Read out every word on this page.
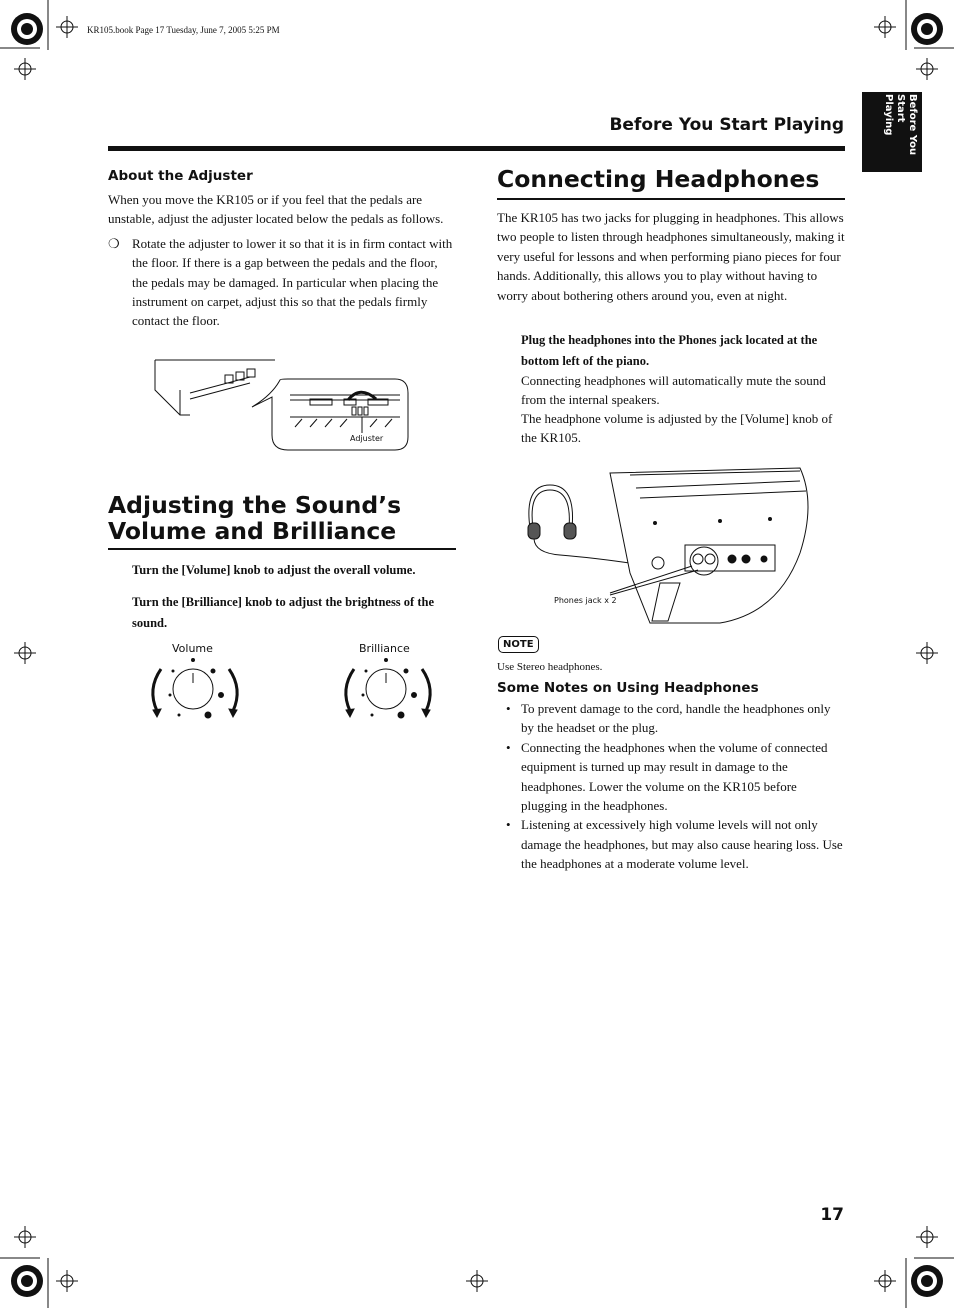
KR105.book Page 17 Tuesday, June 7, 2005 5:25 PM
Before You Start Playing	Before You
Start Playing
About the Adjuster
When you move the KR105 or if you feel that the pedals are unstable, adjust the adjuster located below the pedals as follows.
❍ Rotate the adjuster to lower it so that it is in firm contact with the floor. If there is a gap between the pedals and the floor, the pedals may be damaged. In particular when placing the instrument on carpet, adjust this so that the pedals firmly contact the floor.
Adjuster
Adjusting the Sound’s
Volume and Brilliance
Turn the [Volume] knob to adjust the overall volume.
Turn the [Brilliance] knob to adjust the brightness of the sound.
Volume	Brilliance
Connecting Headphones
The KR105 has two jacks for plugging in headphones. This allows two people to listen through headphones simultaneously, making it very useful for lessons and when performing piano pieces for four hands. Additionally, this allows you to play without having to worry about bothering others around you, even at night.
Plug the headphones into the Phones jack located at the bottom left of the piano.
Connecting headphones will automatically mute the sound from the internal speakers.
The headphone volume is adjusted by the [Volume] knob of the KR105.
Phones jack x 2
NOTE
Use Stereo headphones.
Some Notes on Using Headphones
• To prevent damage to the cord, handle the headphones only by the headset or the plug.
• Connecting the headphones when the volume of connected equipment is turned up may result in damage to the headphones. Lower the volume on the KR105 before plugging in the headphones.
• Listening at excessively high volume levels will not only damage the headphones, but may also cause hearing loss. Use the headphones at a moderate volume level.
17
